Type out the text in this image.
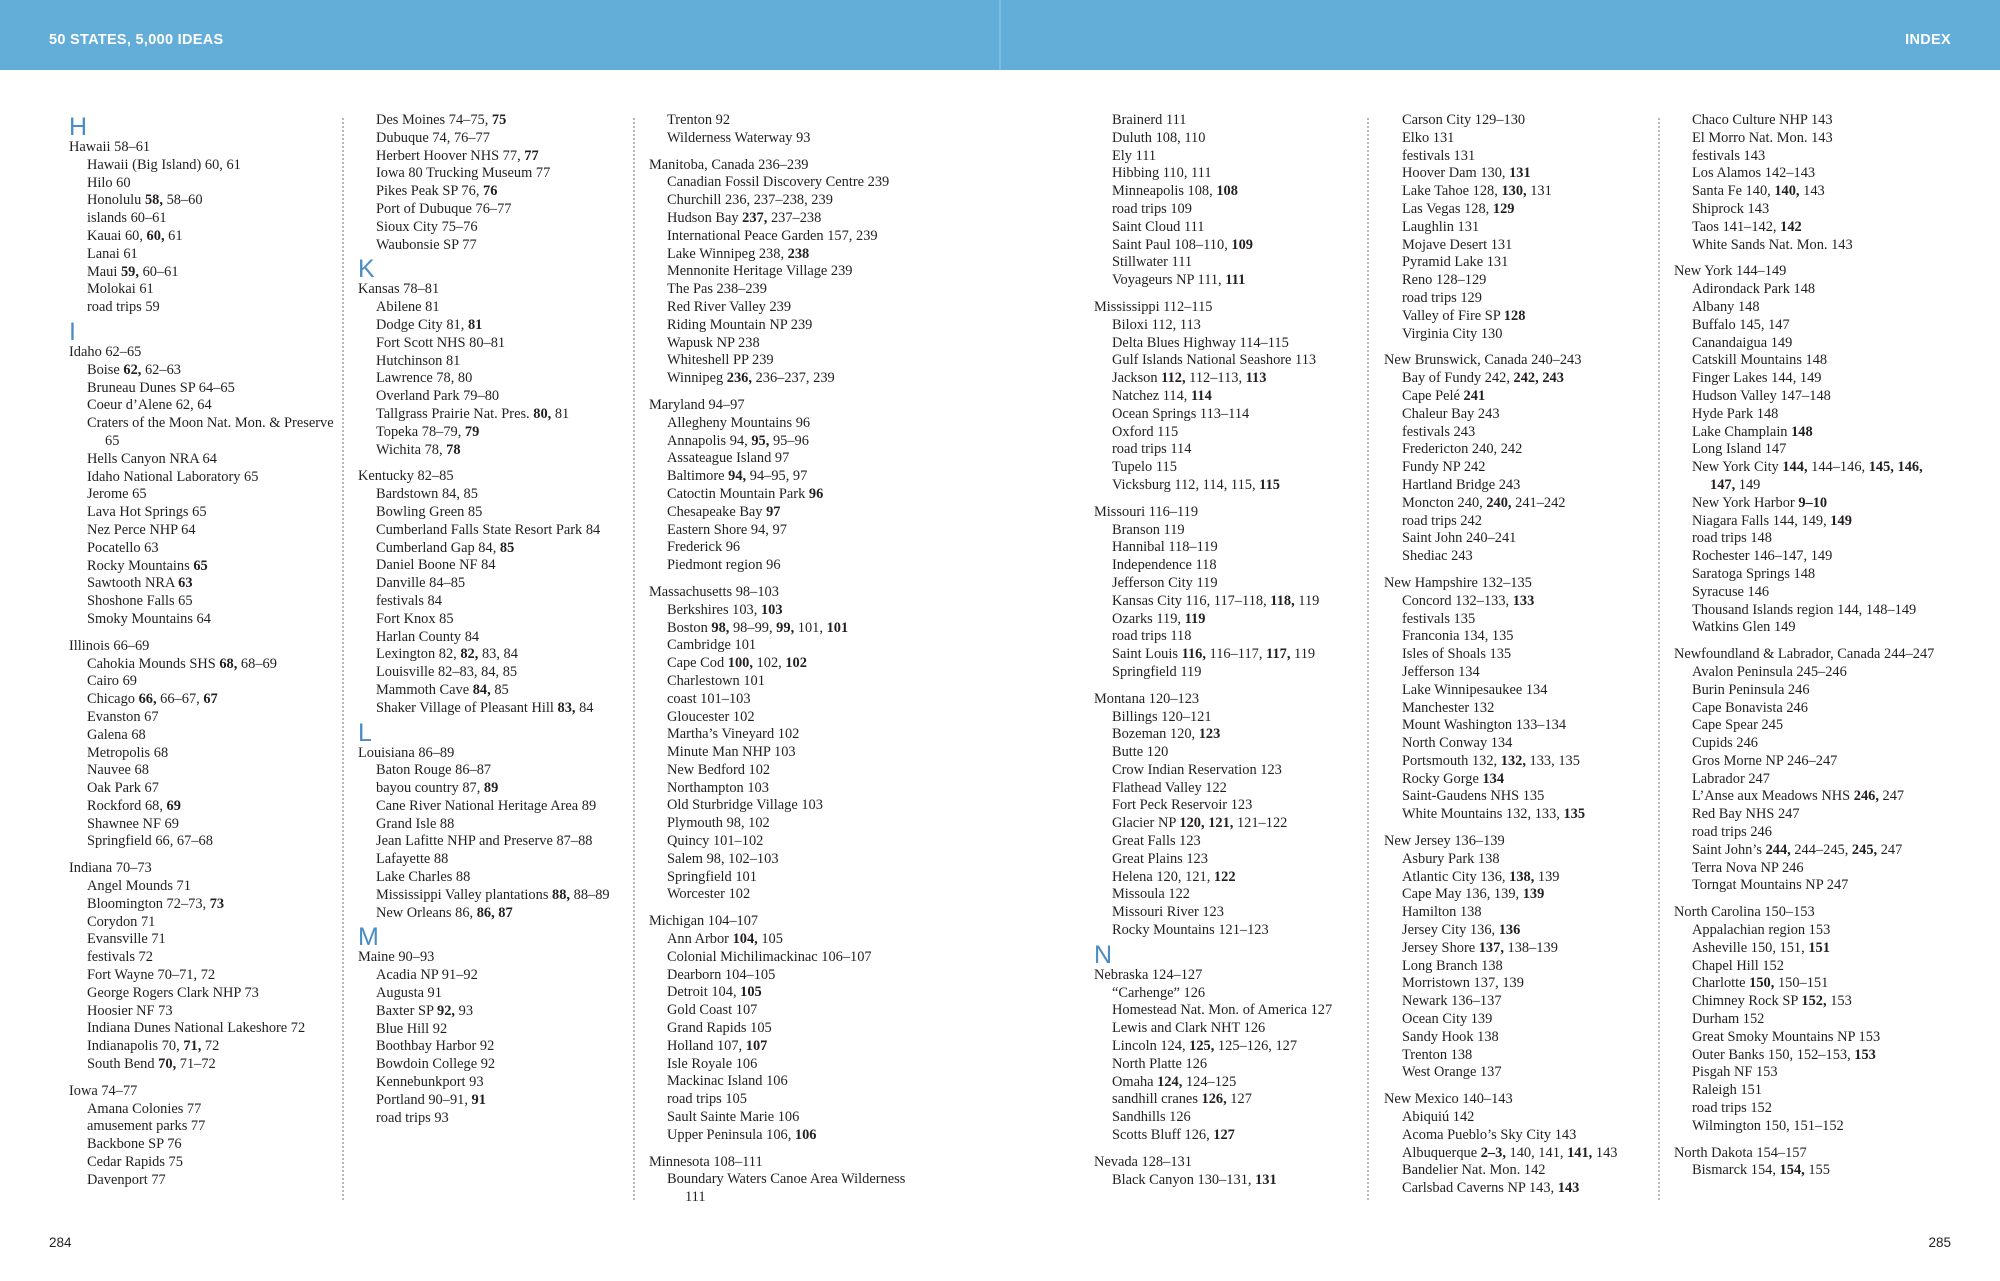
50 STATES, 5,000 IDEAS	INDEX
H
Hawaii 58–61
Hawaii (Big Island) 60, 61
Hilo 60
Honolulu 58, 58–60
islands 60–61
Kauai 60, 60, 61
Lanai 61
Maui 59, 60–61
Molokai 61
road trips 59
I
Idaho 62–65
Boise 62, 62–63
Bruneau Dunes SP 64–65
Coeur d’Alene 62, 64
Craters of the Moon Nat. Mon. & Preserve 65
Hells Canyon NRA 64
Idaho National Laboratory 65
Jerome 65
Lava Hot Springs 65
Nez Perce NHP 64
Pocatello 63
Rocky Mountains 65
Sawtooth NRA 63
Shoshone Falls 65
Smoky Mountains 64
Illinois 66–69
Cahokia Mounds SHS 68, 68–69
Cairo 69
Chicago 66, 66–67, 67
Evanston 67
Galena 68
Metropolis 68
Nauvee 68
Oak Park 67
Rockford 68, 69
Shawnee NF 69
Springfield 66, 67–68
Indiana 70–73
Angel Mounds 71
Bloomington 72–73, 73
Corydon 71
Evansville 71
festivals 72
Fort Wayne 70–71, 72
George Rogers Clark NHP 73
Hoosier NF 73
Indiana Dunes National Lakeshore 72
Indianapolis 70, 71, 72
South Bend 70, 71–72
Iowa 74–77
Amana Colonies 77
amusement parks 77
Backbone SP 76
Cedar Rapids 75
Davenport 77
Des Moines 74–75, 75
Dubuque 74, 76–77
Herbert Hoover NHS 77, 77
Iowa 80 Trucking Museum 77
Pikes Peak SP 76, 76
Port of Dubuque 76–77
Sioux City 75–76
Waubonsie SP 77
K
Kansas 78–81
Abilene 81
Dodge City 81, 81
Fort Scott NHS 80–81
Hutchinson 81
Lawrence 78, 80
Overland Park 79–80
Tallgrass Prairie Nat. Pres. 80, 81
Topeka 78–79, 79
Wichita 78, 78
Kentucky 82–85
Bardstown 84, 85
Bowling Green 85
Cumberland Falls State Resort Park 84
Cumberland Gap 84, 85
Daniel Boone NF 84
Danville 84–85
festivals 84
Fort Knox 85
Harlan County 84
Lexington 82, 82, 83, 84
Louisville 82–83, 84, 85
Mammoth Cave 84, 85
Shaker Village of Pleasant Hill 83, 84
L
Louisiana 86–89
Baton Rouge 86–87
bayou country 87, 89
Cane River National Heritage Area 89
Grand Isle 88
Jean Lafitte NHP and Preserve 87–88
Lafayette 88
Lake Charles 88
Mississippi Valley plantations 88, 88–89
New Orleans 86, 86, 87
M
Maine 90–93
Acadia NP 91–92
Augusta 91
Baxter SP 92, 93
Blue Hill 92
Boothbay Harbor 92
Bowdoin College 92
Kennebunkport 93
Portland 90–91, 91
road trips 93
Trenton 92
Wilderness Waterway 93
Manitoba, Canada 236–239
Canadian Fossil Discovery Centre 239
Churchill 236, 237–238, 239
Hudson Bay 237, 237–238
International Peace Garden 157, 239
Lake Winnipeg 238, 238
Mennonite Heritage Village 239
The Pas 238–239
Red River Valley 239
Riding Mountain NP 239
Wapusk NP 238
Whiteshell PP 239
Winnipeg 236, 236–237, 239
Maryland 94–97
Allegheny Mountains 96
Annapolis 94, 95, 95–96
Assateague Island 97
Baltimore 94, 94–95, 97
Catoctin Mountain Park 96
Chesapeake Bay 97
Eastern Shore 94, 97
Frederick 96
Piedmont region 96
Massachusetts 98–103
Berkshires 103, 103
Boston 98, 98–99, 99, 101, 101
Cambridge 101
Cape Cod 100, 102, 102
Charlestown 101
coast 101–103
Gloucester 102
Martha’s Vineyard 102
Minute Man NHP 103
New Bedford 102
Northampton 103
Old Sturbridge Village 103
Plymouth 98, 102
Quincy 101–102
Salem 98, 102–103
Springfield 101
Worcester 102
Michigan 104–107
Ann Arbor 104, 105
Colonial Michilimackinac 106–107
Dearborn 104–105
Detroit 104, 105
Gold Coast 107
Grand Rapids 105
Holland 107, 107
Isle Royale 106
Mackinac Island 106
road trips 105
Sault Sainte Marie 106
Upper Peninsula 106, 106
Minnesota 108–111
Boundary Waters Canoe Area Wilderness 111
Brainerd 111
Duluth 108, 110
Ely 111
Hibbing 110, 111
Minneapolis 108, 108
road trips 109
Saint Cloud 111
Saint Paul 108–110, 109
Stillwater 111
Voyageurs NP 111, 111
Mississippi 112–115
Biloxi 112, 113
Delta Blues Highway 114–115
Gulf Islands National Seashore 113
Jackson 112, 112–113, 113
Natchez 114, 114
Ocean Springs 113–114
Oxford 115
road trips 114
Tupelo 115
Vicksburg 112, 114, 115, 115
Missouri 116–119
Branson 119
Hannibal 118–119
Independence 118
Jefferson City 119
Kansas City 116, 117–118, 118, 119
Ozarks 119, 119
road trips 118
Saint Louis 116, 116–117, 117, 119
Springfield 119
Montana 120–123
Billings 120–121
Bozeman 120, 123
Butte 120
Crow Indian Reservation 123
Flathead Valley 122
Fort Peck Reservoir 123
Glacier NP 120, 121, 121–122
Great Falls 123
Great Plains 123
Helena 120, 121, 122
Missoula 122
Missouri River 123
Rocky Mountains 121–123
N
Nebraska 124–127
“Carhenge” 126
Homestead Nat. Mon. of America 127
Lewis and Clark NHT 126
Lincoln 124, 125, 125–126, 127
North Platte 126
Omaha 124, 124–125
sandhill cranes 126, 127
Sandhills 126
Scotts Bluff 126, 127
Nevada 128–131
Black Canyon 130–131, 131
Carson City 129–130
Elko 131
festivals 131
Hoover Dam 130, 131
Lake Tahoe 128, 130, 131
Las Vegas 128, 129
Laughlin 131
Mojave Desert 131
Pyramid Lake 131
Reno 128–129
road trips 129
Valley of Fire SP 128
Virginia City 130
New Brunswick, Canada 240–243
Bay of Fundy 242, 242, 243
Cape Pelé 241
Chaleur Bay 243
festivals 243
Fredericton 240, 242
Fundy NP 242
Hartland Bridge 243
Moncton 240, 240, 241–242
road trips 242
Saint John 240–241
Shediac 243
New Hampshire 132–135
Concord 132–133, 133
festivals 135
Franconia 134, 135
Isles of Shoals 135
Jefferson 134
Lake Winnipesaukee 134
Manchester 132
Mount Washington 133–134
North Conway 134
Portsmouth 132, 132, 133, 135
Rocky Gorge 134
Saint-Gaudens NHS 135
White Mountains 132, 133, 135
New Jersey 136–139
Asbury Park 138
Atlantic City 136, 138, 139
Cape May 136, 139, 139
Hamilton 138
Jersey City 136, 136
Jersey Shore 137, 138–139
Long Branch 138
Morristown 137, 139
Newark 136–137
Ocean City 139
Sandy Hook 138
Trenton 138
West Orange 137
New Mexico 140–143
Abiquiú 142
Acoma Pueblo’s Sky City 143
Albuquerque 2–3, 140, 141, 141, 143
Bandelier Nat. Mon. 142
Carlsbad Caverns NP 143, 143
Chaco Culture NHP 143
El Morro Nat. Mon. 143
festivals 143
Los Alamos 142–143
Santa Fe 140, 140, 143
Shiprock 143
Taos 141–142, 142
White Sands Nat. Mon. 143
New York 144–149
Adirondack Park 148
Albany 148
Buffalo 145, 147
Canandaigua 149
Catskill Mountains 148
Finger Lakes 144, 149
Hudson Valley 147–148
Hyde Park 148
Lake Champlain 148
Long Island 147
New York City 144, 144–146, 145, 146, 147, 149
New York Harbor 9–10
Niagara Falls 144, 149, 149
road trips 148
Rochester 146–147, 149
Saratoga Springs 148
Syracuse 146
Thousand Islands region 144, 148–149
Watkins Glen 149
Newfoundland & Labrador, Canada 244–247
Avalon Peninsula 245–246
Burin Peninsula 246
Cape Bonavista 246
Cape Spear 245
Cupids 246
Gros Morne NP 246–247
Labrador 247
L’Anse aux Meadows NHS 246, 247
Red Bay NHS 247
road trips 246
Saint John’s 244, 244–245, 245, 247
Terra Nova NP 246
Torngat Mountains NP 247
North Carolina 150–153
Appalachian region 153
Asheville 150, 151, 151
Chapel Hill 152
Charlotte 150, 150–151
Chimney Rock SP 152, 153
Durham 152
Great Smoky Mountains NP 153
Outer Banks 150, 152–153, 153
Pisgah NF 153
Raleigh 151
road trips 152
Wilmington 150, 151–152
North Dakota 154–157
Bismarck 154, 154, 155
284	285
